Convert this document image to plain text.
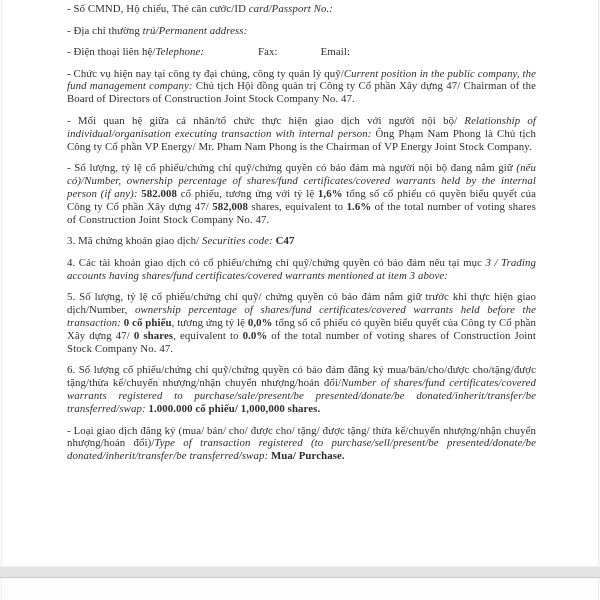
- Số CMND, Hộ chiếu, Thẻ căn cước/ID card/Passport No.:

- Địa chỉ thường trú/Permanent address:

- Điện thoại liên hệ/Telephone:	Fax:	Email:

- Chức vụ hiện nay tại công ty đại chúng, công ty quản lý quỹ/Current position in the public company, the fund management company: Chủ tịch Hội đồng quản trị Công ty Cổ phần Xây dựng 47/ Chairman of the Board of Directors of Construction Joint Stock Company No. 47.

- Mối quan hệ giữa cá nhân/tổ chức thực hiện giao dịch với người nội bộ/ Relationship of individual/organisation executing transaction with internal person: Ông Phạm Nam Phong là Chủ tịch Công ty Cổ phần VP Energy/ Mr. Pham Nam Phong is the Chairman of VP Energy Joint Stock Company.

- Số lượng, tỷ lệ cổ phiếu/chứng chỉ quỹ/chứng quyền có bảo đảm mà người nội bộ đang nắm giữ (nếu có)/Number, ownership percentage of shares/fund certificates/covered warrants held by the internal person (if any): 582.008 cổ phiếu, tương ứng với tỷ lệ 1,6% tổng số cổ phiếu có quyền biểu quyết của Công ty Cổ phần Xây dựng 47/ 582,008 shares, equivalent to 1.6% of the total number of voting shares of Construction Joint Stock Company No. 47.

3. Mã chứng khoán giao dịch/ Securities code: C47

4. Các tài khoản giao dịch có cổ phiếu/chứng chỉ quỹ/chứng quyền có bảo đảm nêu tại mục 3 / Trading accounts having shares/fund certificates/covered warrants mentioned at item 3 above:

5. Số lượng, tỷ lệ cổ phiếu/chứng chỉ quỹ/ chứng quyền có bảo đảm nắm giữ trước khi thực hiện giao dịch/Number, ownership percentage of shares/fund certificates/covered warrants held before the transaction: 0 cổ phiếu, tương ứng tỷ lệ 0,0% tổng số cổ phiếu có quyền biểu quyết của Công ty Cổ phần Xây dựng 47/ 0 shares, equivalent to 0.0% of the total number of voting shares of Construction Joint Stock Company No. 47.

6. Số lượng cổ phiếu/chứng chỉ quỹ/chứng quyền có bảo đảm đăng ký mua/bán/cho/được cho/tặng/được tặng/thừa kế/chuyển nhượng/nhận chuyển nhượng/hoán đổi/Number of shares/fund certificates/covered warrants registered to purchase/sale/present/be presented/donate/be donated/inherit/transfer/be transferred/swap: 1.000.000 cổ phiếu/ 1,000,000 shares.

- Loại giao dịch đăng ký (mua/ bán/ cho/ được cho/ tặng/ được tặng/ thừa kế/chuyển nhượng/nhận chuyển nhượng/hoán đổi)/Type of transaction registered (to purchase/sell/present/be presented/donate/be donated/inherit/transfer/be transferred/swap: Mua/ Purchase.
